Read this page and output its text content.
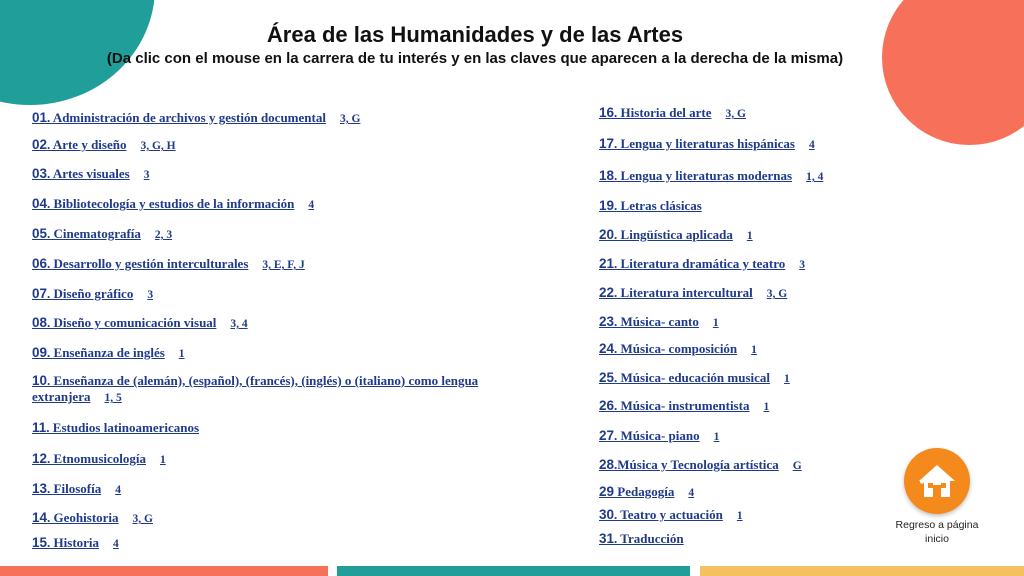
Área de las Humanidades y de las Artes
(Da clic con el mouse en la carrera de tu interés y en las claves que aparecen a la derecha de la misma)
01. Administración de archivos y gestión documental 3, G
02. Arte y diseño 3, G, H
03. Artes visuales 3
04. Bibliotecología y estudios de la información 4
05. Cinematografía 2, 3
06. Desarrollo y gestión interculturales 3, E, F, J
07. Diseño gráfico 3
08. Diseño y comunicación visual 3, 4
09. Enseñanza de inglés 1
10. Enseñanza de (alemán), (español), (francés), (inglés) o (italiano) como lengua extranjera 1, 5
11. Estudios latinoamericanos
12. Etnomusicología 1
13. Filosofía 4
14. Geohistoria 3, G
15. Historia 4
16. Historia del arte 3, G
17. Lengua y literaturas hispánicas 4
18. Lengua y literaturas modernas 1, 4
19. Letras clásicas
20. Lingüística aplicada 1
21. Literatura dramática y teatro 3
22. Literatura intercultural 3, G
23. Música- canto 1
24. Música- composición 1
25. Música- educación musical 1
26. Música- instrumentista 1
27. Música- piano 1
28.Música y Tecnología artística G
29 Pedagogía 4
30. Teatro y actuación 1
31. Traducción
Regreso a página inicio
